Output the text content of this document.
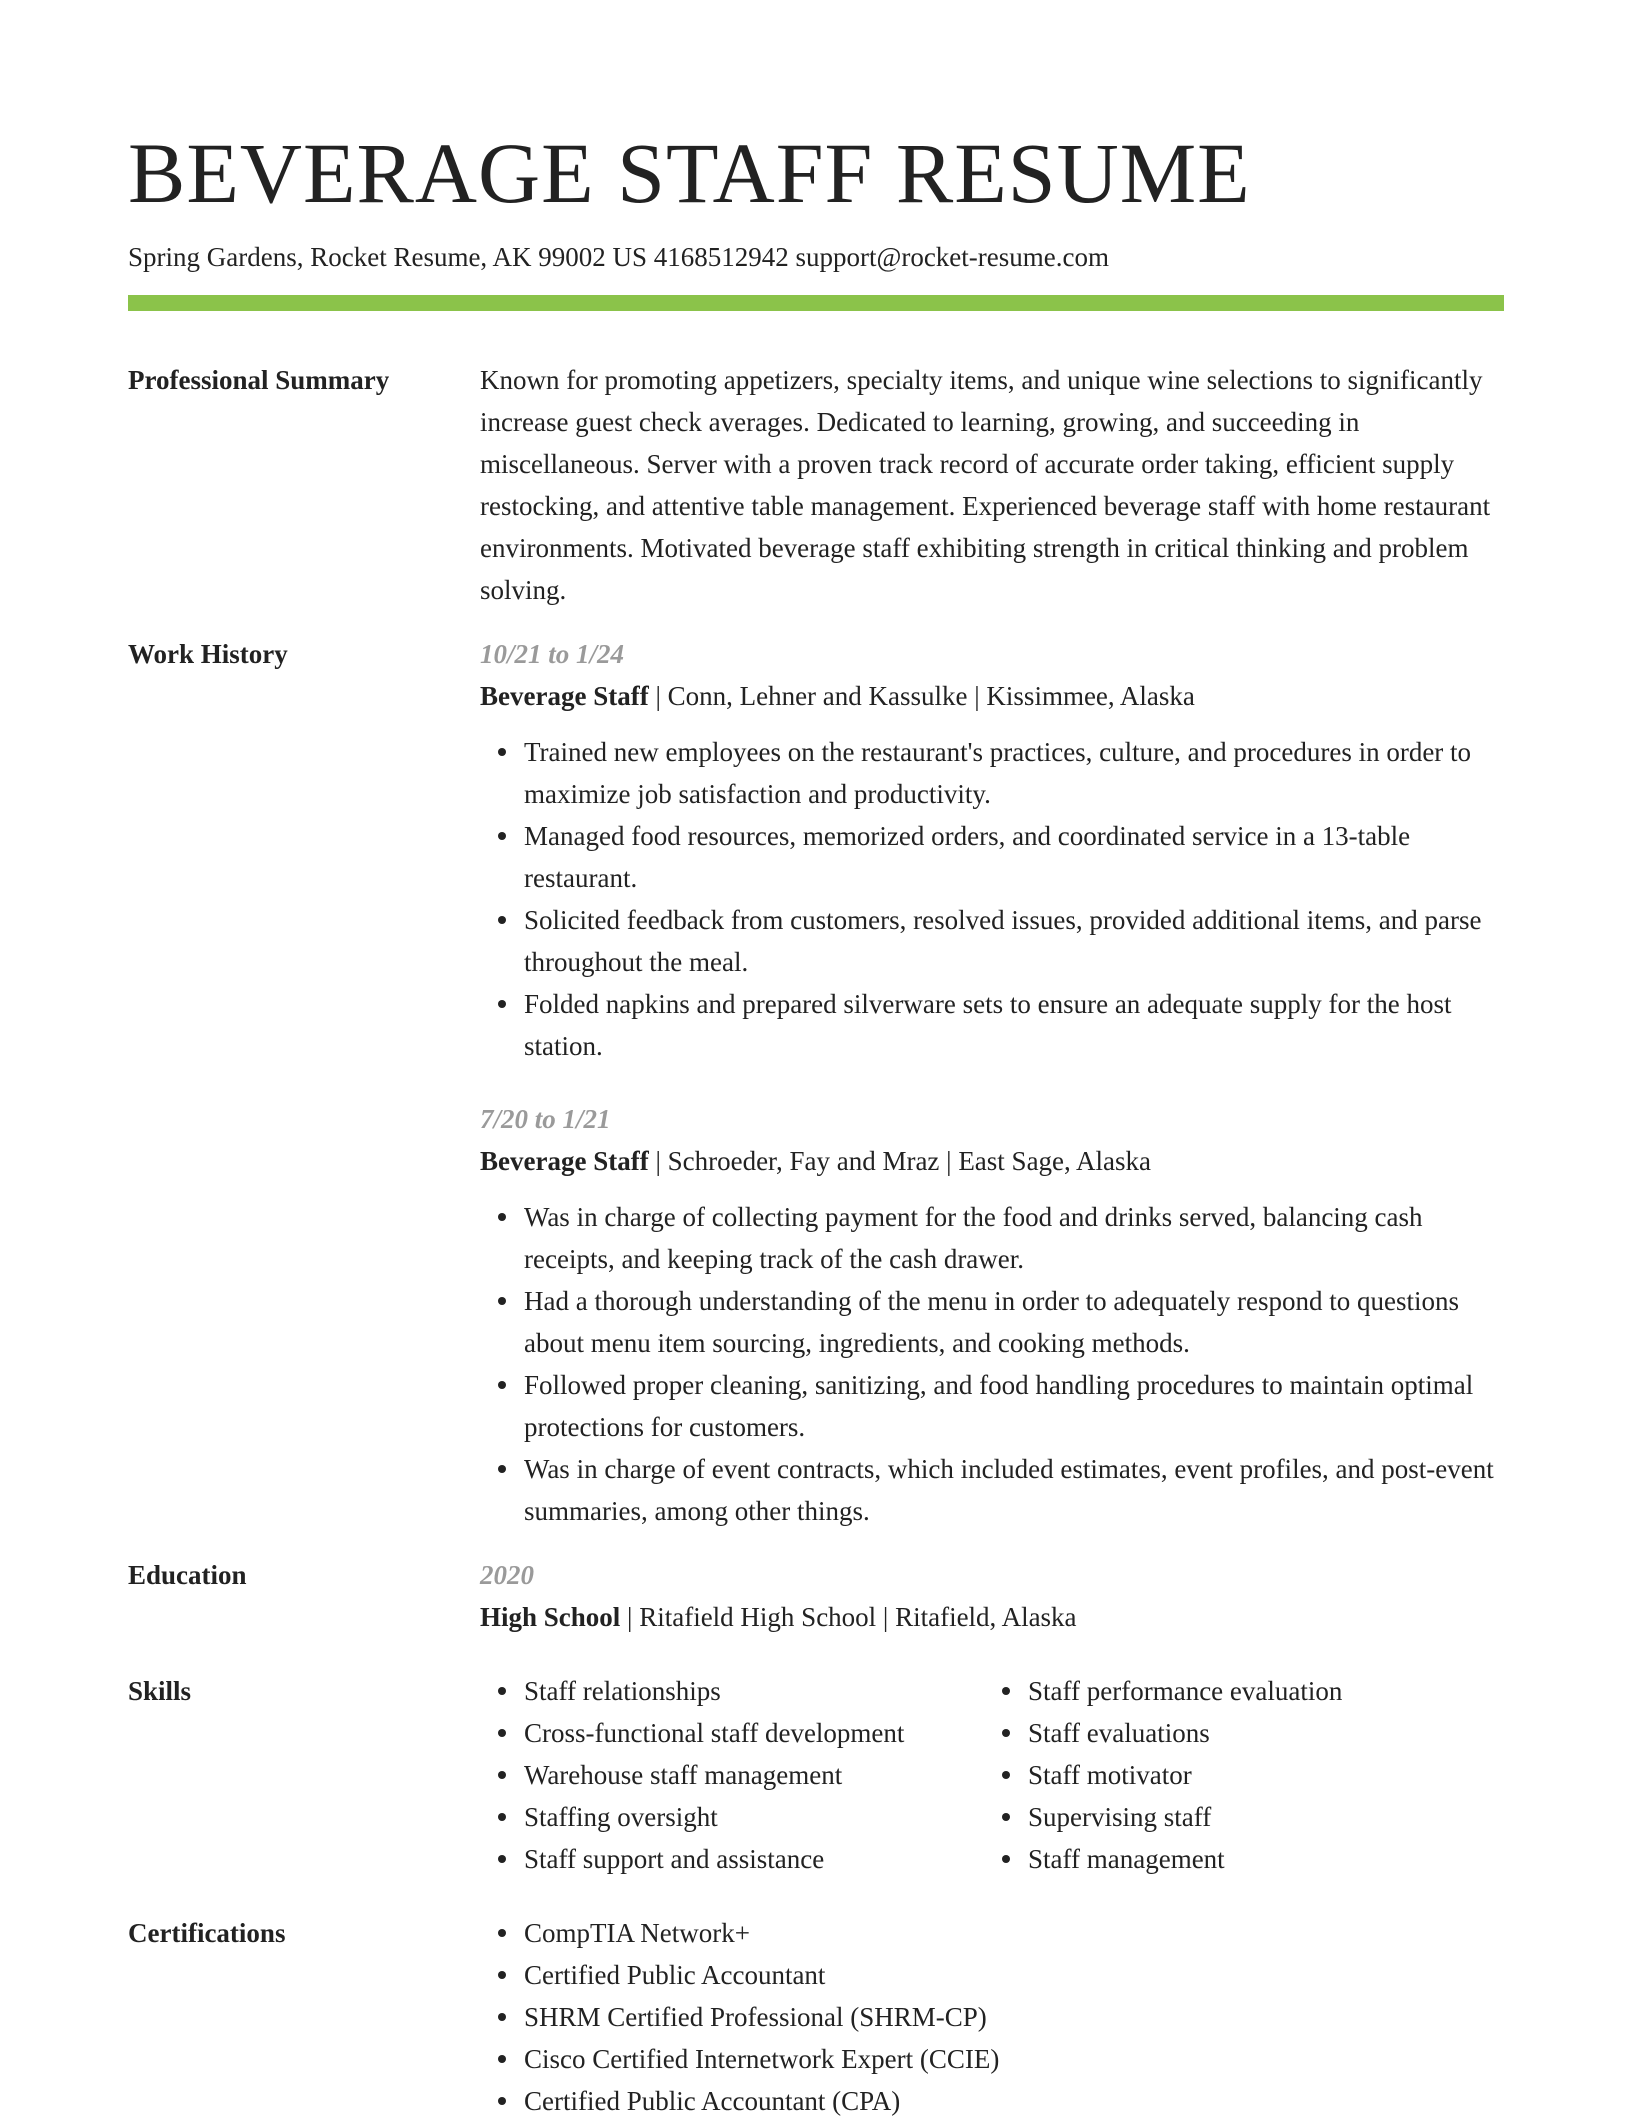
BEVERAGE STAFF RESUME
Spring Gardens, Rocket Resume, AK 99002 US 4168512942 support@rocket-resume.com
Professional Summary	Known for promoting appetizers, specialty items, and unique wine selections to significantly increase guest check averages. Dedicated to learning, growing, and succeeding in miscellaneous. Server with a proven track record of accurate order taking, efficient supply restocking, and attentive table management. Experienced beverage staff with home restaurant environments. Motivated beverage staff exhibiting strength in critical thinking and problem solving.
Work History	10/21 to 1/24
Beverage Staff | Conn, Lehner and Kassulke | Kissimmee, Alaska
Trained new employees on the restaurant's practices, culture, and procedures in order to maximize job satisfaction and productivity.
Managed food resources, memorized orders, and coordinated service in a 13-table restaurant.
Solicited feedback from customers, resolved issues, provided additional items, and parse throughout the meal.
Folded napkins and prepared silverware sets to ensure an adequate supply for the host station.
7/20 to 1/21
Beverage Staff | Schroeder, Fay and Mraz | East Sage, Alaska
Was in charge of collecting payment for the food and drinks served, balancing cash receipts, and keeping track of the cash drawer.
Had a thorough understanding of the menu in order to adequately respond to questions about menu item sourcing, ingredients, and cooking methods.
Followed proper cleaning, sanitizing, and food handling procedures to maintain optimal protections for customers.
Was in charge of event contracts, which included estimates, event profiles, and post-event summaries, among other things.
Education	2020
High School | Ritafield High School | Ritafield, Alaska
Skills	Staff relationships
Cross-functional staff development
Warehouse staff management
Staffing oversight
Staff support and assistance
Staff performance evaluation
Staff evaluations
Staff motivator
Supervising staff
Staff management
Certifications	CompTIA Network+
Certified Public Accountant
SHRM Certified Professional (SHRM-CP)
Cisco Certified Internetwork Expert (CCIE)
Certified Public Accountant (CPA)
